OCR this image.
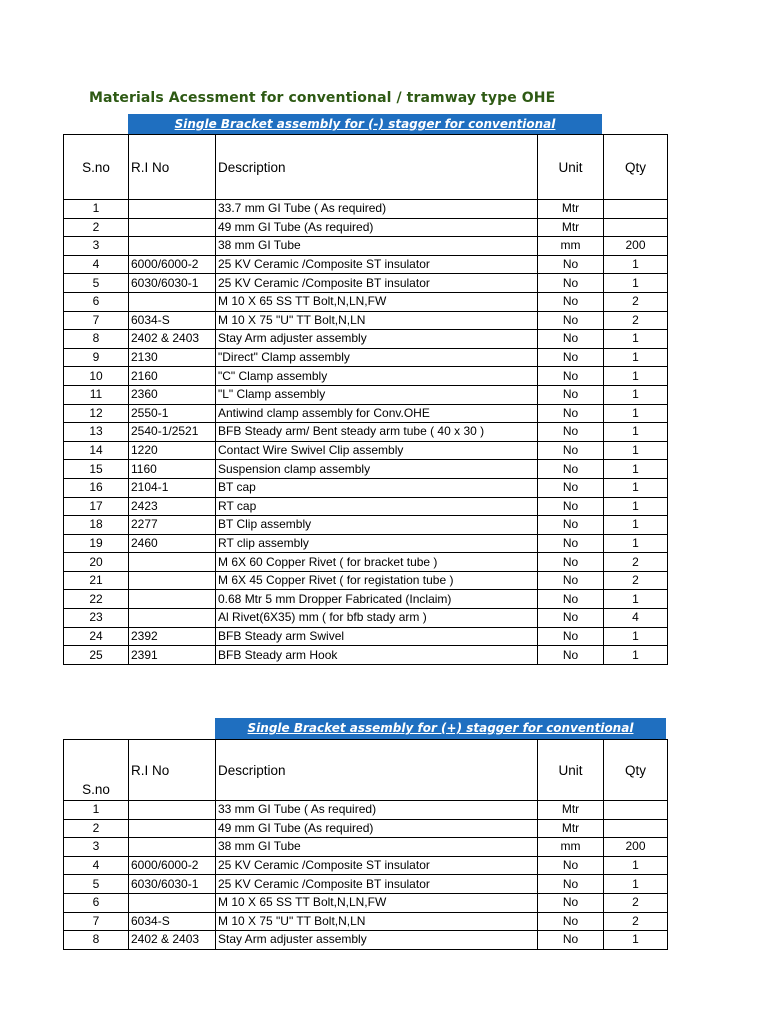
Materials Acessment for conventional / tramway type OHE
Single Bracket assembly for (-) stagger for conventional
S.no	R.I No	Description	Unit	Qty
1		33.7 mm GI Tube ( As required)	Mtr	
2		49 mm GI Tube (As required)	Mtr	
3		38 mm GI Tube	mm	200
4	6000/6000-2	25 KV Ceramic /Composite ST insulator	No	1
5	6030/6030-1	25 KV Ceramic /Composite BT insulator	No	1
6		M 10 X 65 SS TT Bolt,N,LN,FW	No	2
7	6034-S	M 10 X 75 "U" TT Bolt,N,LN	No	2
8	2402 & 2403	Stay Arm adjuster assembly	No	1
9	2130	"Direct" Clamp assembly	No	1
10	2160	"C" Clamp assembly	No	1
11	2360	"L" Clamp assembly	No	1
12	2550-1	Antiwind clamp assembly for Conv.OHE	No	1
13	2540-1/2521	BFB Steady arm/ Bent steady arm tube ( 40 x 30 )	No	1
14	1220	Contact Wire Swivel Clip assembly	No	1
15	1160	Suspension clamp assembly	No	1
16	2104-1	BT cap	No	1
17	2423	RT cap	No	1
18	2277	BT Clip assembly	No	1
19	2460	RT clip assembly	No	1
20		M 6X 60 Copper Rivet ( for bracket tube )	No	2
21		M 6X 45 Copper Rivet ( for registation tube )	No	2
22		0.68 Mtr 5 mm Dropper Fabricated (Inclaim)	No	1
23		Al Rivet(6X35) mm ( for bfb stady arm )	No	4
24	2392	BFB Steady arm Swivel	No	1
25	2391	BFB Steady arm Hook	No	1
Single Bracket assembly for (+) stagger for conventional
S.no	R.I No	Description	Unit	Qty
1		33 mm GI Tube ( As required)	Mtr	
2		49 mm GI Tube (As required)	Mtr	
3		38 mm GI Tube	mm	200
4	6000/6000-2	25 KV Ceramic /Composite ST insulator	No	1
5	6030/6030-1	25 KV Ceramic /Composite BT insulator	No	1
6		M 10 X 65 SS TT Bolt,N,LN,FW	No	2
7	6034-S	M 10 X 75 "U" TT Bolt,N,LN	No	2
8	2402 & 2403	Stay Arm adjuster assembly	No	1
